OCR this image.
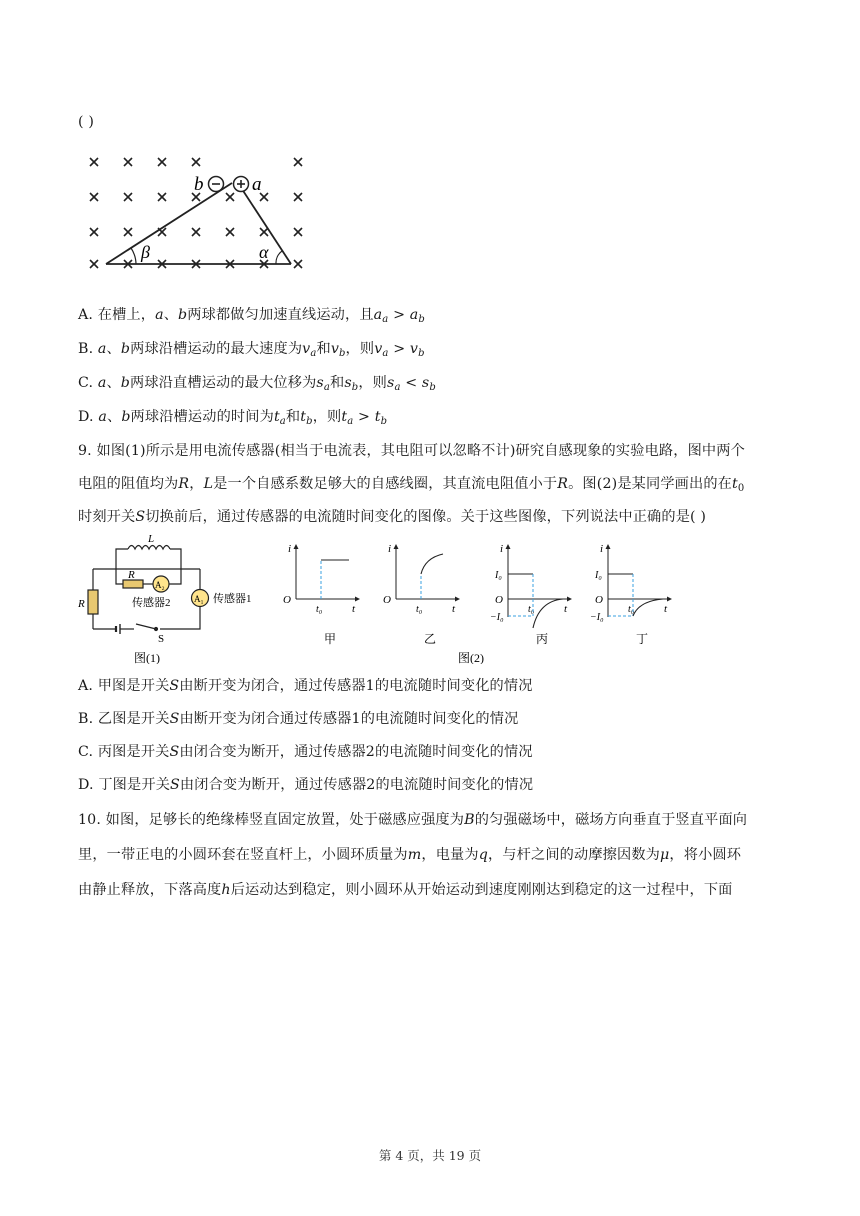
( )
b	a
β	α
A. 在槽上，a、b两球都做匀加速直线运动，且$a_a > a_b$
B. a、b两球沿槽运动的最大速度为$v_a$和$v_b$，则$v_a > v_b$
C. a、b两球沿直槽运动的最大位移为$s_a$和$s_b$，则$s_a < s_b$
D. a、b两球沿槽运动的时间为$t_a$和$t_b$，则$t_a > t_b$
9. 如图(1)所示是用电流传感器(相当于电流表，其电阻可以忽略不计)研究自感现象的实验电路，图中两个
电阻的阻值均为R，L是一个自感系数足够大的自感线圈，其直流电阻值小于R。图(2)是某同学画出的在$t_0$
时刻开关S切换前后，通过传感器的电流随时间变化的图像。关于这些图像，下列说法中正确的是( )
L
R
A₂
传感器2	A₁ 传感器1
R
S
图(1)
i
t
O
t₀
甲
i
t
O
t₀
乙
i
t
O
t₀
丙
I₀
−I₀
i
t
O
t₀
丁
I₀
−I₀
图(2)
A. 甲图是开关S由断开变为闭合，通过传感器1的电流随时间变化的情况
B. 乙图是开关S由断开变为闭合通过传感器1的电流随时间变化的情况
C. 丙图是开关S由闭合变为断开，通过传感器2的电流随时间变化的情况
D. 丁图是开关S由闭合变为断开，通过传感器2的电流随时间变化的情况
10. 如图，足够长的绝缘棒竖直固定放置，处于磁感应强度为B的匀强磁场中，磁场方向垂直于竖直平面向
里，一带正电的小圆环套在竖直杆上，小圆环质量为m，电量为q，与杆之间的动摩擦因数为μ，将小圆环
由静止释放，下落高度h后运动达到稳定，则小圆环从开始运动到速度刚刚达到稳定的这一过程中，下面
第 4 页，共 19 页
